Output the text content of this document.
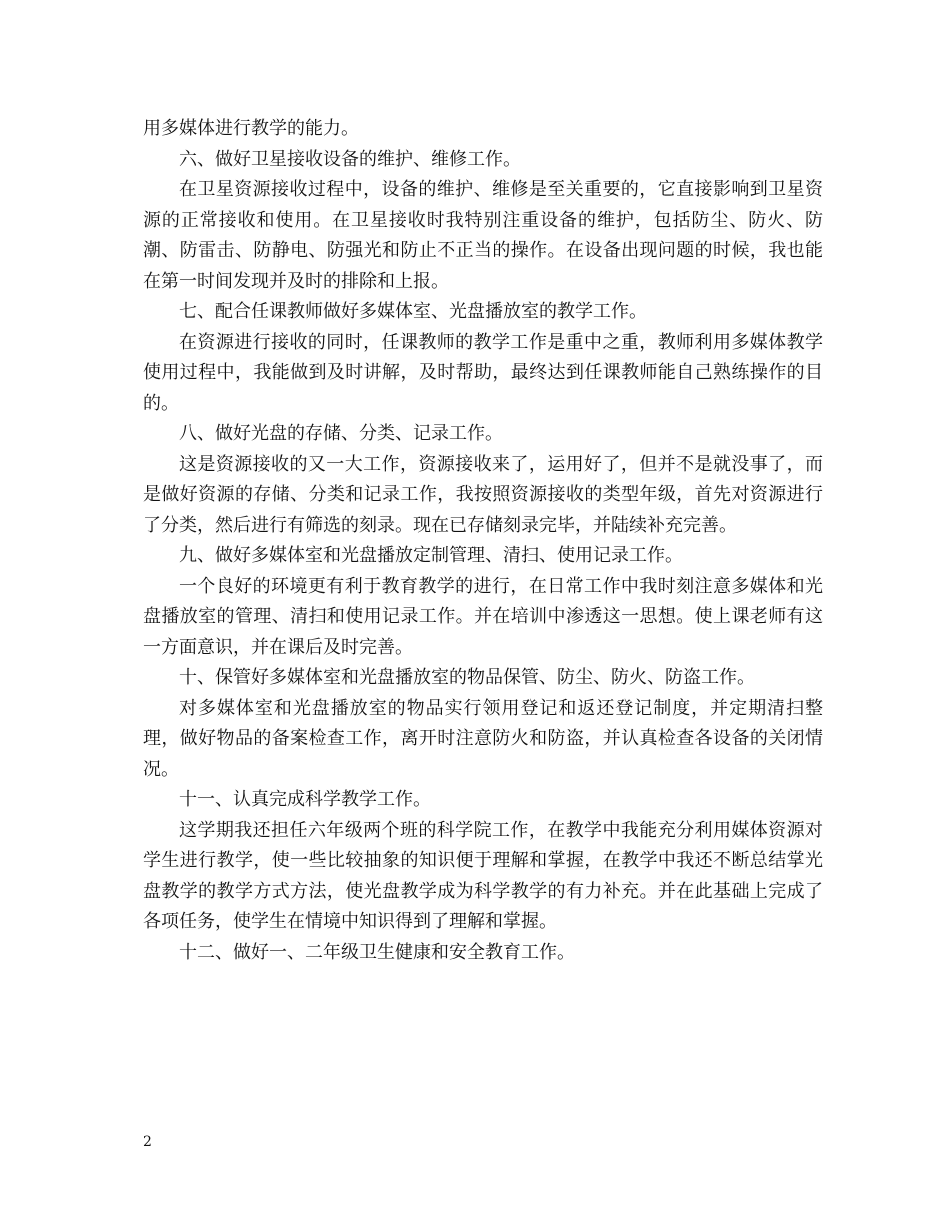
用多媒体进行教学的能力。

六、做好卫星接收设备的维护、维修工作。

在卫星资源接收过程中，设备的维护、维修是至关重要的，它直接影响到卫星资源的正常接收和使用。在卫星接收时我特别注重设备的维护，包括防尘、防火、防潮、防雷击、防静电、防强光和防止不正当的操作。在设备出现问题的时候，我也能在第一时间发现并及时的排除和上报。

七、配合任课教师做好多媒体室、光盘播放室的教学工作。

在资源进行接收的同时，任课教师的教学工作是重中之重，教师利用多媒体教学使用过程中，我能做到及时讲解，及时帮助，最终达到任课教师能自己熟练操作的目的。

八、做好光盘的存储、分类、记录工作。

这是资源接收的又一大工作，资源接收来了，运用好了，但并不是就没事了，而是做好资源的存储、分类和记录工作，我按照资源接收的类型年级，首先对资源进行了分类，然后进行有筛选的刻录。现在已存储刻录完毕，并陆续补充完善。

九、做好多媒体室和光盘播放定制管理、清扫、使用记录工作。

一个良好的环境更有利于教育教学的进行，在日常工作中我时刻注意多媒体和光盘播放室的管理、清扫和使用记录工作。并在培训中渗透这一思想。使上课老师有这一方面意识，并在课后及时完善。

十、保管好多媒体室和光盘播放室的物品保管、防尘、防火、防盗工作。

对多媒体室和光盘播放室的物品实行领用登记和返还登记制度，并定期清扫整理，做好物品的备案检查工作，离开时注意防火和防盗，并认真检查各设备的关闭情况。

十一、认真完成科学教学工作。

这学期我还担任六年级两个班的科学院工作，在教学中我能充分利用媒体资源对学生进行教学，使一些比较抽象的知识便于理解和掌握，在教学中我还不断总结掌光盘教学的教学方式方法，使光盘教学成为科学教学的有力补充。并在此基础上完成了各项任务，使学生在情境中知识得到了理解和掌握。

十二、做好一、二年级卫生健康和安全教育工作。

2
